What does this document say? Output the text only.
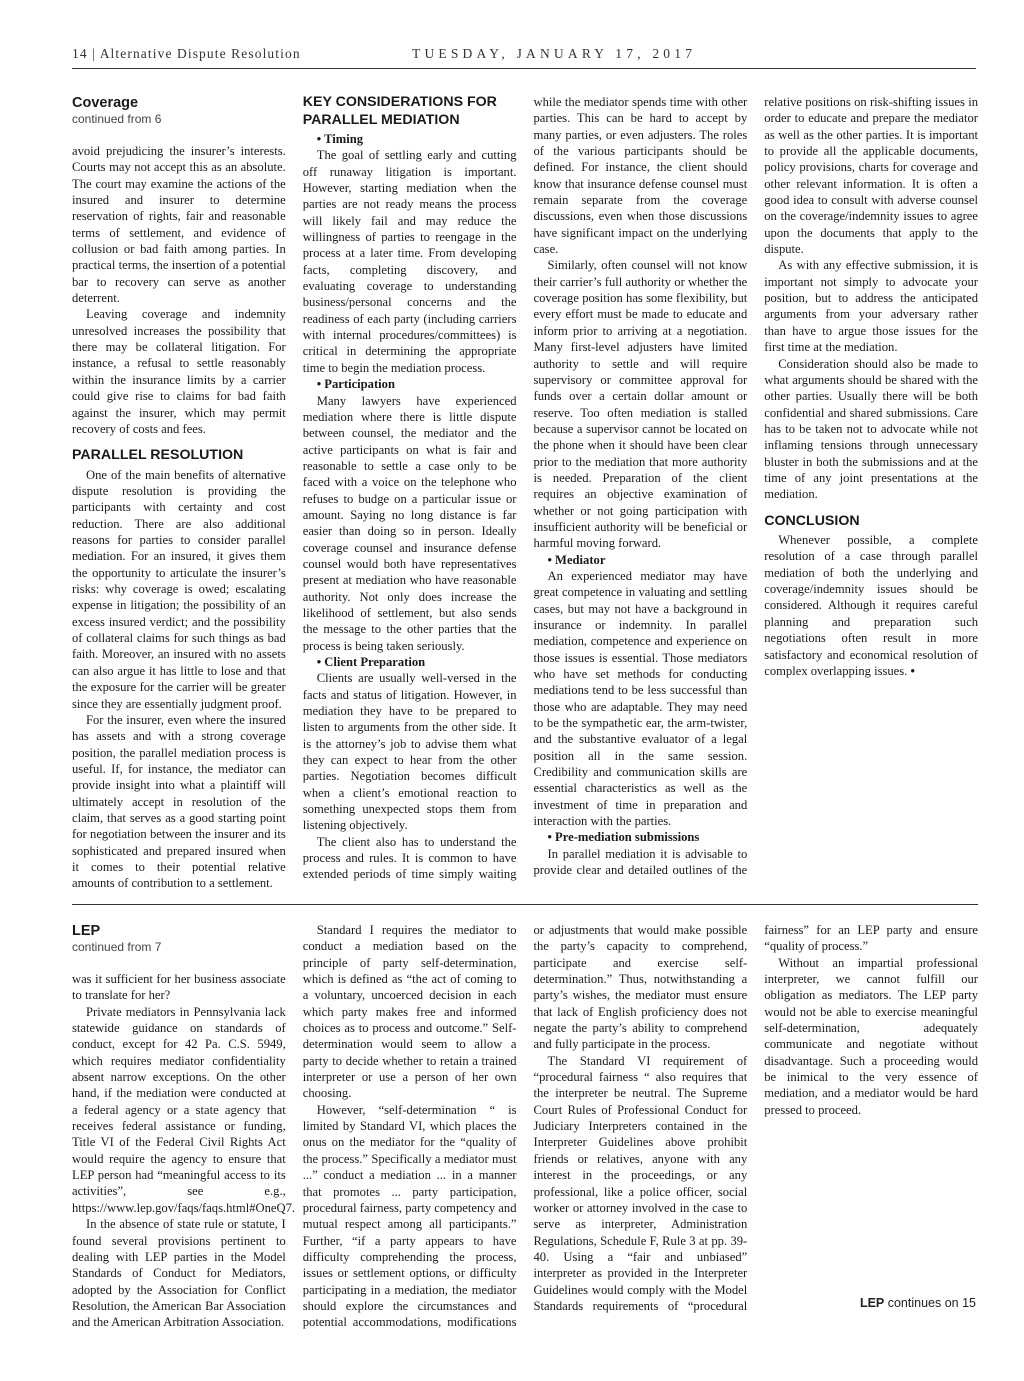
14 | Alternative Dispute Resolution	TUESDAY, JANUARY 17, 2017
Coverage
continued from 6

avoid prejudicing the insurer’s interests. Courts may not accept this as an absolute. The court may examine the actions of the insured and insurer to determine reservation of rights, fair and reasonable terms of settlement, and evidence of collusion or bad faith among parties. In practical terms, the insertion of a potential bar to recovery can serve as another deterrent.

Leaving coverage and indemnity unresolved increases the possibility that there may be collateral litigation. For instance, a refusal to settle reasonably within the insurance limits by a carrier could give rise to claims for bad faith against the insurer, which may permit recovery of costs and fees.

PARALLEL RESOLUTION

One of the main benefits of alternative dispute resolution is providing the participants with certainty and cost reduction. There are also additional reasons for parties to consider parallel mediation. For an insured, it gives them the opportunity to articulate the insurer’s risks: why coverage is owed; escalating expense in litigation; the possibility of an excess insured verdict; and the possibility of collateral claims for such things as bad faith. Moreover, an insured with no assets can also argue it has little to lose and that the exposure for the carrier will be greater since they are essentially judgment proof.

For the insurer, even where the insured has assets and with a strong coverage position, the parallel mediation process is useful. If, for instance, the mediator can provide insight into what a plaintiff will ultimately accept in resolution of the claim, that serves as a good starting point for negotiation between the insurer and its sophisticated and prepared insured when it comes to their potential relative amounts of contribution to a settlement.

KEY CONSIDERATIONS FOR PARALLEL MEDIATION

• Timing

The goal of settling early and cutting off runaway litigation is important. However, starting mediation when the parties are not ready means the process will likely fail and may reduce the willingness of parties to reengage in the process at a later time. From developing facts, completing discovery, and evaluating coverage to understanding business/personal concerns and the readiness of each party (including carriers with internal procedures/committees) is critical in determining the appropriate time to begin the mediation process.

• Participation

Many lawyers have experienced mediation where there is little dispute between counsel, the mediator and the active participants on what is fair and reasonable to settle a case only to be faced with a voice on the telephone who refuses to budge on a particular issue or amount. Saying no long distance is far easier than doing so in person. Ideally coverage counsel and insurance defense counsel would both have representatives present at mediation who have reasonable authority. Not only does increase the likelihood of settlement, but also sends the message to the other parties that the process is being taken seriously.

• Client Preparation

Clients are usually well-versed in the facts and status of litigation. However, in mediation they have to be prepared to listen to arguments from the other side. It is the attorney’s job to advise them what they can expect to hear from the other parties. Negotiation becomes difficult when a client’s emotional reaction to something unexpected stops them from listening objectively.

The client also has to understand the process and rules. It is common to have extended periods of time simply waiting while the mediator spends time with other parties. This can be hard to accept by many parties, or even adjusters. The roles of the various participants should be defined. For instance, the client should know that insurance defense counsel must remain separate from the coverage discussions, even when those discussions have significant impact on the underlying case.

Similarly, often counsel will not know their carrier’s full authority or whether the coverage position has some flexibility, but every effort must be made to educate and inform prior to arriving at a negotiation. Many first-level adjusters have limited authority to settle and will require supervisory or committee approval for funds over a certain dollar amount or reserve. Too often mediation is stalled because a supervisor cannot be located on the phone when it should have been clear prior to the mediation that more authority is needed. Preparation of the client requires an objective examination of whether or not going participation with insufficient authority will be beneficial or harmful moving forward.

• Mediator

An experienced mediator may have great competence in valuating and settling cases, but may not have a background in insurance or indemnity. In parallel mediation, competence and experience on those issues is essential. Those mediators who have set methods for conducting mediations tend to be less successful than those who are adaptable. They may need to be the sympathetic ear, the arm-twister, and the substantive evaluator of a legal position all in the same session. Credibility and communication skills are essential characteristics as well as the investment of time in preparation and interaction with the parties.

• Pre-mediation submissions

In parallel mediation it is advisable to provide clear and detailed outlines of the relative positions on risk-shifting issues in order to educate and prepare the mediator as well as the other parties. It is important to provide all the applicable documents, policy provisions, charts for coverage and other relevant information. It is often a good idea to consult with adverse counsel on the coverage/indemnity issues to agree upon the documents that apply to the dispute.

As with any effective submission, it is important not simply to advocate your position, but to address the anticipated arguments from your adversary rather than have to argue those issues for the first time at the mediation.

Consideration should also be made to what arguments should be shared with the other parties. Usually there will be both confidential and shared submissions. Care has to be taken not to advocate while not inflaming tensions through unnecessary bluster in both the submissions and at the time of any joint presentations at the mediation.

CONCLUSION

Whenever possible, a complete resolution of a case through parallel mediation of both the underlying and coverage/indemnity issues should be considered. Although it requires careful planning and preparation such negotiations often result in more satisfactory and economical resolution of complex overlapping issues. •

LEP
continued from 7

was it sufficient for her business associate to translate for her?

Private mediators in Pennsylvania lack statewide guidance on standards of conduct, except for 42 Pa. C.S. 5949, which requires mediator confidentiality absent narrow exceptions. On the other hand, if the mediation were conducted at a federal agency or a state agency that receives federal assistance or funding, Title VI of the Federal Civil Rights Act would require the agency to ensure that LEP person had “meaningful access to its activities”, see e.g., https://www.lep.gov/faqs/faqs.html#OneQ7.

In the absence of state rule or statute, I found several provisions pertinent to dealing with LEP parties in the Model Standards of Conduct for Mediators, adopted by the Association for Conflict Resolution, the American Bar Association and the American Arbitration Association.

Standard I requires the mediator to conduct a mediation based on the principle of party self-determination, which is defined as “the act of coming to a voluntary, uncoerced decision in each which party makes free and informed choices as to process and outcome.” Self-determination would seem to allow a party to decide whether to retain a trained interpreter or use a person of her own choosing.

However, “self-determination “ is limited by Standard VI, which places the onus on the mediator for the “quality of the process.” Specifically a mediator must ...” conduct a mediation ... in a manner that promotes ... party participation, procedural fairness, party competency and mutual respect among all participants.” Further, “if a party appears to have difficulty comprehending the process, issues or settlement options, or difficulty participating in a mediation, the mediator should explore the circumstances and potential accommodations, modifications or adjustments that would make possible the party’s capacity to comprehend, participate and exercise self-determination.” Thus, notwithstanding a party’s wishes, the mediator must ensure that lack of English proficiency does not negate the party’s ability to comprehend and fully participate in the process.

The Standard VI requirement of “procedural fairness “ also requires that the interpreter be neutral. The Supreme Court Rules of Professional Conduct for Judiciary Interpreters contained in the Interpreter Guidelines above prohibit friends or relatives, anyone with any interest in the proceedings, or any professional, like a police officer, social worker or attorney involved in the case to serve as interpreter, Administration Regulations, Schedule F, Rule 3 at pp. 39-40. Using a “fair and unbiased” interpreter as provided in the Interpreter Guidelines would comply with the Model Standards requirements of “procedural fairness” for an LEP party and ensure “quality of process.”

Without an impartial professional interpreter, we cannot fulfill our obligation as mediators. The LEP party would not be able to exercise meaningful self-determination, adequately communicate and negotiate without disadvantage. Such a proceeding would be inimical to the very essence of mediation, and a mediator would be hard pressed to proceed.

LEP continues on 15
